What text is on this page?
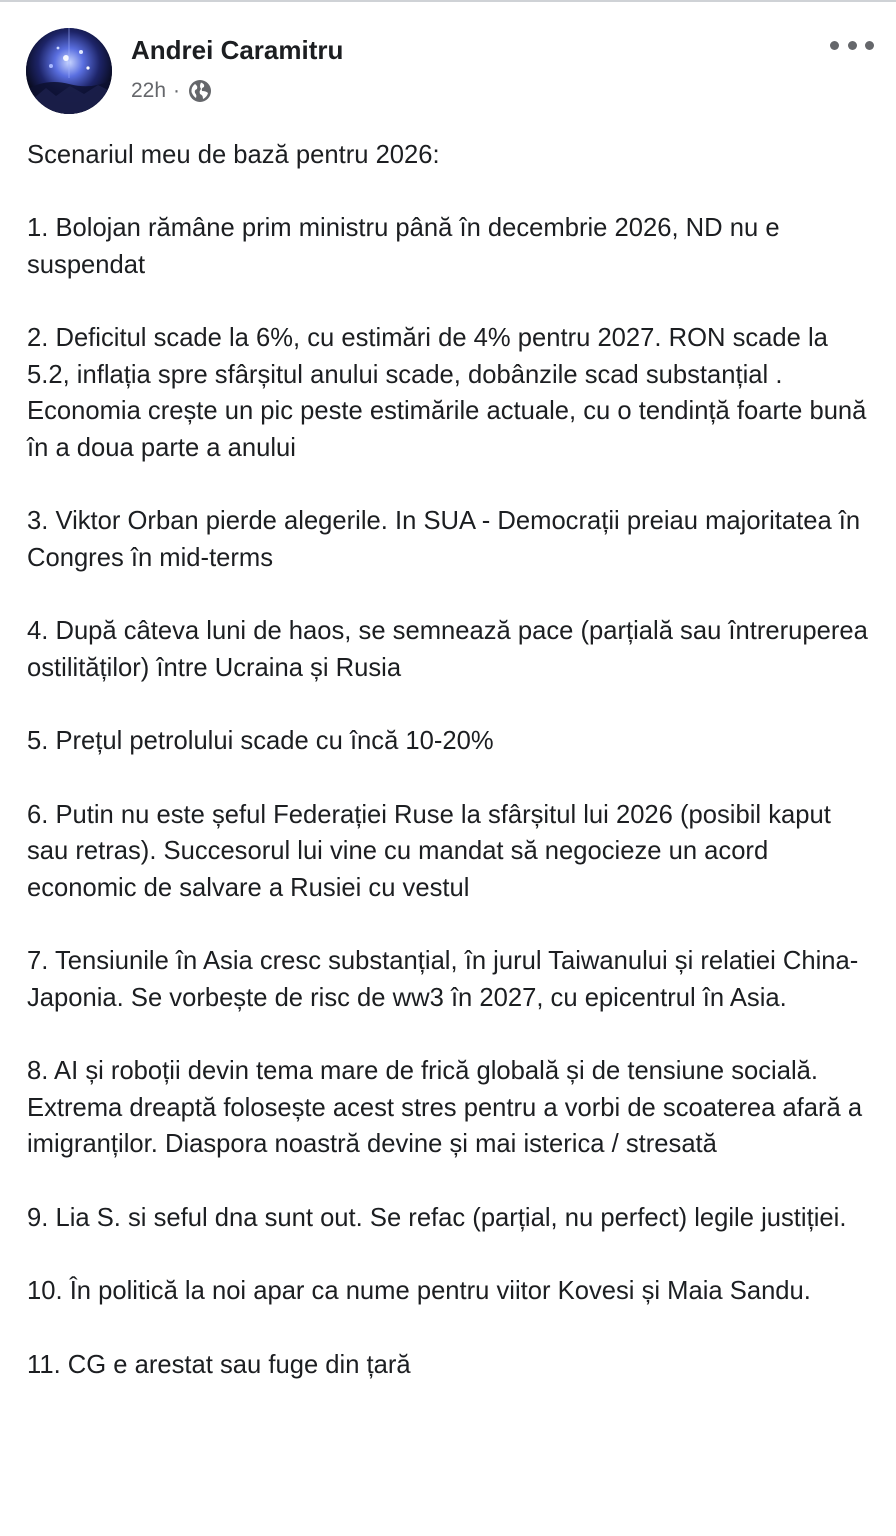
Andrei Caramitru
22h ·

Scenariul meu de bază pentru 2026:

1. Bolojan rămâne prim ministru până în decembrie 2026, ND nu e suspendat

2. Deficitul scade la 6%, cu estimări de 4% pentru 2027. RON scade la 5.2, inflația spre sfârșitul anului scade, dobânzile scad substanțial . Economia crește un pic peste estimările actuale, cu o tendință foarte bună în a doua parte a anului

3. Viktor Orban pierde alegerile. In SUA - Democrații preiau majoritatea în Congres în mid-terms

4. După câteva luni de haos, se semnează pace (parțială sau întreruperea ostilităților) între Ucraina și Rusia

5. Prețul petrolului scade cu încă 10-20%

6. Putin nu este șeful Federației Ruse la sfârșitul lui 2026 (posibil kaput sau retras). Succesorul lui vine cu mandat să negocieze un acord economic de salvare a Rusiei cu vestul

7. Tensiunile în Asia cresc substanțial, în jurul Taiwanului și relatiei China-Japonia. Se vorbește de risc de ww3 în 2027, cu epicentrul în Asia.

8. AI și roboții devin tema mare de frică globală și de tensiune socială. Extrema dreaptă folosește acest stres pentru a vorbi de scoaterea afară a imigranților. Diaspora noastră devine și mai isterica / stresată

9. Lia S. si seful dna sunt out. Se refac (parțial, nu perfect) legile justiției.

10. În politică la noi apar ca nume pentru viitor Kovesi și Maia Sandu.

11. CG e arestat sau fuge din țară
